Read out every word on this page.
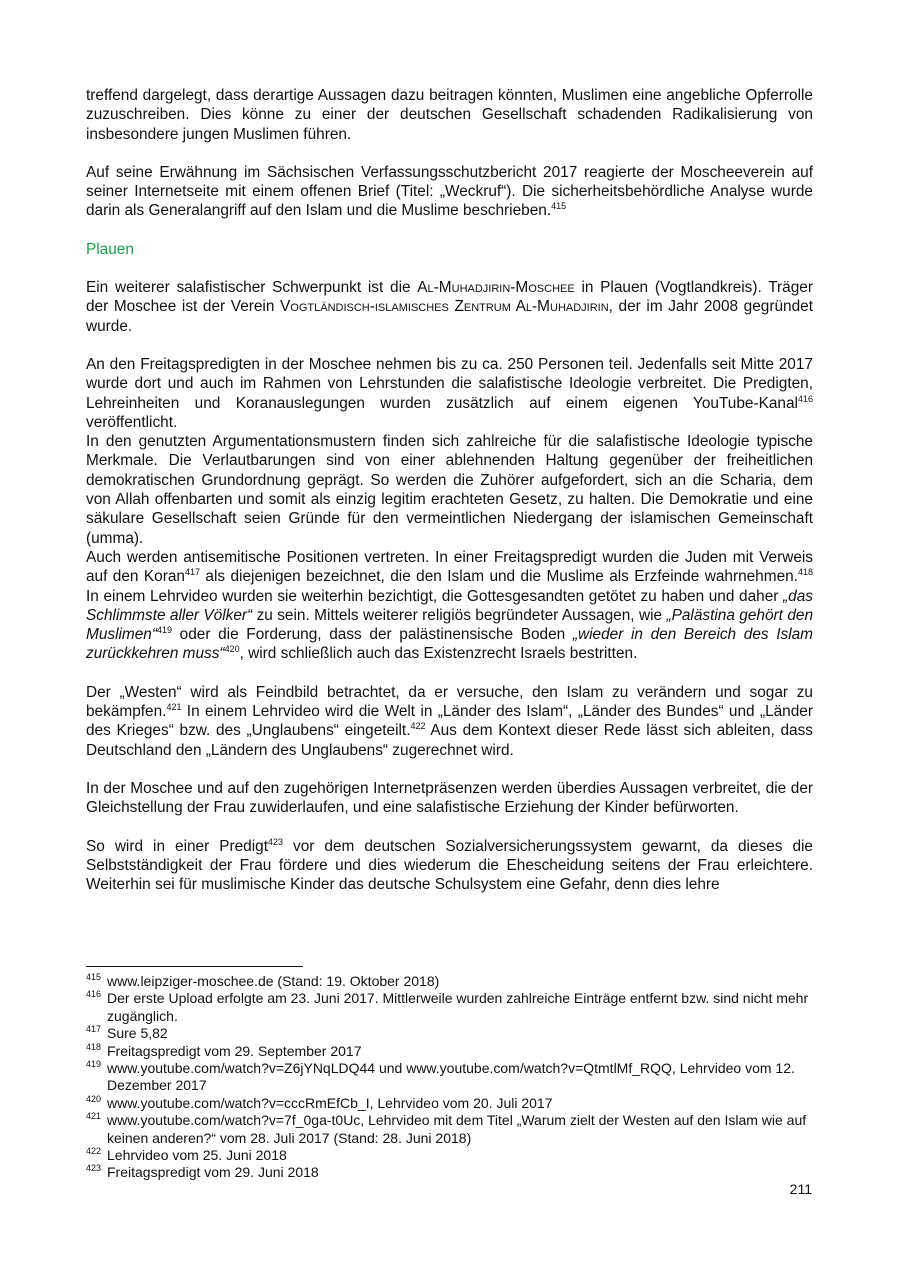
treffend dargelegt, dass derartige Aussagen dazu beitragen könnten, Muslimen eine angebliche Opferrolle zuzuschreiben. Dies könne zu einer der deutschen Gesellschaft schadenden Radikalisierung von insbesondere jungen Muslimen führen.

Auf seine Erwähnung im Sächsischen Verfassungsschutzbericht 2017 reagierte der Moscheeverein auf seiner Internetseite mit einem offenen Brief (Titel: „Weckruf“). Die sicherheitsbehördliche Analyse wurde darin als Generalangriff auf den Islam und die Muslime beschrieben.$^{415}$

Plauen

Ein weiterer salafistischer Schwerpunkt ist die Al-Muhadjirin-Moschee in Plauen (Vogtlandkreis). Träger der Moschee ist der Verein Vogtländisch-islamisches Zentrum Al-Muhadjirin, der im Jahr 2008 gegründet wurde.

An den Freitagspredigten in der Moschee nehmen bis zu ca. 250 Personen teil. Jedenfalls seit Mitte 2017 wurde dort und auch im Rahmen von Lehrstunden die salafistische Ideologie verbreitet. Die Predigten, Lehreinheiten und Koranauslegungen wurden zusätzlich auf einem eigenen YouTube-Kanal$^{416}$ veröffentlicht.

In den genutzten Argumentationsmustern finden sich zahlreiche für die salafistische Ideologie typische Merkmale. Die Verlautbarungen sind von einer ablehnenden Haltung gegenüber der freiheitlichen demokratischen Grundordnung geprägt. So werden die Zuhörer aufgefordert, sich an die Scharia, dem von Allah offenbarten und somit als einzig legitim erachteten Gesetz, zu halten. Die Demokratie und eine säkulare Gesellschaft seien Gründe für den vermeintlichen Niedergang der islamischen Gemeinschaft (umma).

Auch werden antisemitische Positionen vertreten. In einer Freitagspredigt wurden die Juden mit Verweis auf den Koran$^{417}$ als diejenigen bezeichnet, die den Islam und die Muslime als Erzfeinde wahrnehmen.$^{418}$ In einem Lehrvideo wurden sie weiterhin bezichtigt, die Gottesgesandten getötet zu haben und daher „das Schlimmste aller Völker“ zu sein. Mittels weiterer religiös begründeter Aussagen, wie „Palästina gehört den Muslimen“$^{419}$ oder die Forderung, dass der palästinensische Boden „wieder in den Bereich des Islam zurückkehren muss“$^{420}$, wird schließlich auch das Existenzrecht Israels bestritten.

Der „Westen“ wird als Feindbild betrachtet, da er versuche, den Islam zu verändern und sogar zu bekämpfen.$^{421}$ In einem Lehrvideo wird die Welt in „Länder des Islam“, „Länder des Bundes“ und „Länder des Krieges“ bzw. des „Unglaubens“ eingeteilt.$^{422}$ Aus dem Kontext dieser Rede lässt sich ableiten, dass Deutschland den „Ländern des Unglaubens“ zugerechnet wird.

In der Moschee und auf den zugehörigen Internetpräsenzen werden überdies Aussagen verbreitet, die der Gleichstellung der Frau zuwiderlaufen, und eine salafistische Erziehung der Kinder befürworten.

So wird in einer Predigt$^{423}$ vor dem deutschen Sozialversicherungssystem gewarnt, da dieses die Selbstständigkeit der Frau fördere und dies wiederum die Ehescheidung seitens der Frau erleichtere. Weiterhin sei für muslimische Kinder das deutsche Schulsystem eine Gefahr, denn dies lehre

415 www.leipziger-moschee.de (Stand: 19. Oktober 2018)
416 Der erste Upload erfolgte am 23. Juni 2017. Mittlerweile wurden zahlreiche Einträge entfernt bzw. sind nicht mehr zugänglich.
417 Sure 5,82
418 Freitagspredigt vom 29. September 2017
419 www.youtube.com/watch?v=Z6jYNqLDQ44 und www.youtube.com/watch?v=QtmtlMf_RQQ, Lehrvideo vom 12. Dezember 2017
420 www.youtube.com/watch?v=cccRmEfCb_I, Lehrvideo vom 20. Juli 2017
421 www.youtube.com/watch?v=7f_0ga-t0Uc, Lehrvideo mit dem Titel „Warum zielt der Westen auf den Islam wie auf keinen anderen?“ vom 28. Juli 2017 (Stand: 28. Juni 2018)
422 Lehrvideo vom 25. Juni 2018
423 Freitagspredigt vom 29. Juni 2018
211
